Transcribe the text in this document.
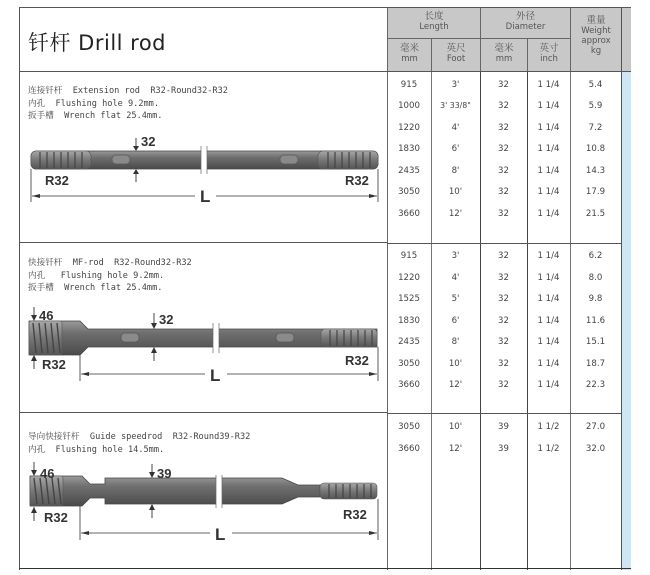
钎杆 Drill rod
长度
Length
外径
Diameter
重量
Weight
approx
kg
毫米
mm
英尺
Foot
毫米
mm
英寸
inch
连接钎杆  Extension rod  R32-Round32-R32
内孔  Flushing hole 9.2mm.
扳手槽  Wrench flat 25.4mm.
32
R32	R32
L
快接钎杆  MF-rod  R32-Round32-R32
内孔   Flushing hole 9.2mm.
扳手槽  Wrench flat 25.4mm.
46
R32
32
R32
L
导向快接钎杆  Guide speedrod  R32-Round39-R32
内孔  Flushing hole 14.5mm.
46
R32
39
R32
L
915	3'	32	1 1/4	5.4
1000	3' 33/8"	32	1 1/4	5.9
1220	4'	32	1 1/4	7.2
1830	6'	32	1 1/4	10.8
2435	8'	32	1 1/4	14.3
3050	10'	32	1 1/4	17.9
3660	12'	32	1 1/4	21.5
915	3'	32	1 1/4	6.2
1220	4'	32	1 1/4	8.0
1525	5'	32	1 1/4	9.8
1830	6'	32	1 1/4	11.6
2435	8'	32	1 1/4	15.1
3050	10'	32	1 1/4	18.7
3660	12'	32	1 1/4	22.3
3050	10'	39	1 1/2	27.0
3660	12'	39	1 1/2	32.0
